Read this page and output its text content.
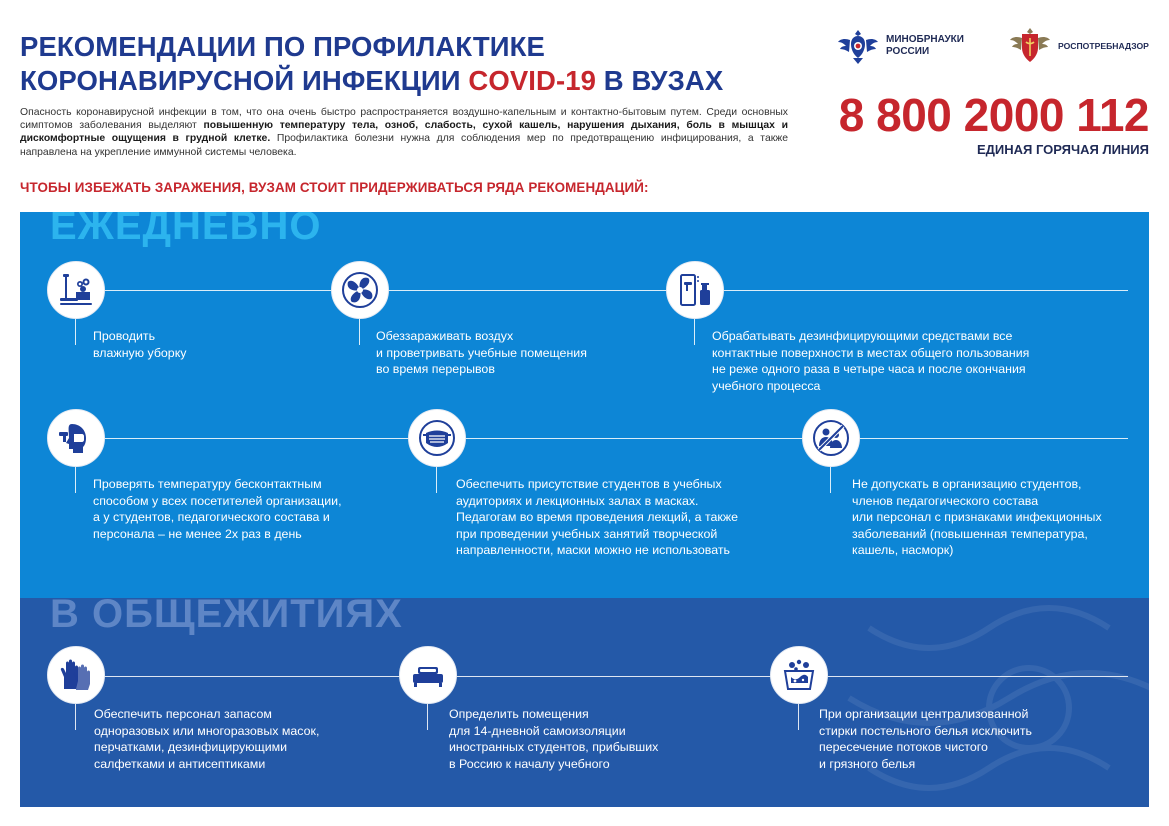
РЕКОМЕНДАЦИИ ПО ПРОФИЛАКТИКЕ
КОРОНАВИРУСНОЙ ИНФЕКЦИИ COVID-19 В ВУЗАХ

Опасность коронавирусной инфекции в том, что она очень быстро распространяется воздушно-капельным и контактно-бытовым путем. Среди основных симптомов заболевания выделяют повышенную температуру тела, озноб, слабость, сухой кашель, нарушения дыхания, боль в мышцах и дискомфортные ощущения в грудной клетке. Профилактика болезни нужна для соблюдения мер по предотвращению инфицирования, а также направлена на укрепление иммунной системы человека.

МИНОБРНАУКИ
РОССИИ	РОСПОТРЕБНАДЗОР
8 800 2000 112
ЕДИНАЯ ГОРЯЧАЯ ЛИНИЯ
ЧТОБЫ ИЗБЕЖАТЬ ЗАРАЖЕНИЯ, ВУЗАМ СТОИТ ПРИДЕРЖИВАТЬСЯ РЯДА РЕКОМЕНДАЦИЙ:
ЕЖЕДНЕВНО

Проводить
влажную уборку

Обеззараживать воздух
и проветривать учебные помещения
во время перерывов

Обрабатывать дезинфицирующими средствами все
контактные поверхности в местах общего пользования
не реже одного раза в четыре часа и после окончания
учебного процесса

Проверять температуру бесконтактным
способом у всех посетителей организации,
а у студентов, педагогического состава и
персонала – не менее 2х раз в день

Обеспечить присутствие студентов в учебных
аудиториях и лекционных залах в масках.
Педагогам во время проведения лекций, а также
при проведении учебных занятий творческой
направленности, маски можно не использовать

Не допускать в организацию студентов,
членов педагогического состава
или персонал с признаками инфекционных
заболеваний (повышенная температура,
кашель, насморк)

В ОБЩЕЖИТИЯХ

Обеспечить персонал запасом
одноразовых или многоразовых масок,
перчатками, дезинфицирующими
салфетками и антисептиками

Определить помещения
для 14-дневной самоизоляции
иностранных студентов, прибывших
в Россию к началу учебного

При организации централизованной
стирки постельного белья исключить
пересечение потоков чистого
и грязного белья
